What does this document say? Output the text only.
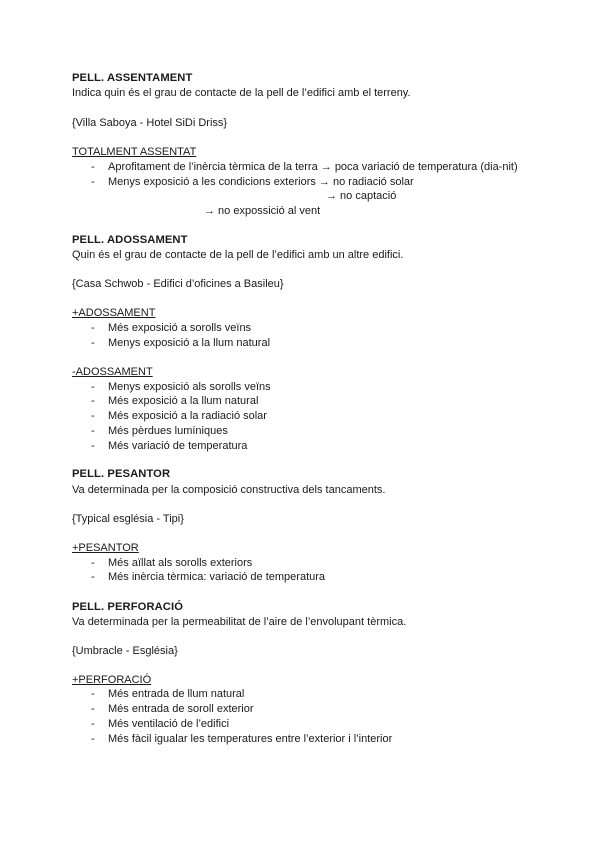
PELL. ASSENTAMENT
Indica quin és el grau de contacte de la pell de l’edifici amb el terreny.
{Villa Saboya - Hotel SiDi Driss}
TOTALMENT ASSENTAT
- Aprofitament de l’inèrcia tèrmica de la terra → poca variació de temperatura (dia-nit)
- Menys exposició a les condicions exteriors → no radiació solar
→ no captació
→ no expossició al vent
PELL. ADOSSAMENT
Quin és el grau de contacte de la pell de l’edifici amb un altre edifici.
{Casa Schwob - Edifici d’oficines a Basileu}
+ADOSSAMENT
- Més exposició a sorolls veïns
- Menys exposició a la llum natural
-ADOSSAMENT
- Menys exposició als sorolls veïns
- Més exposició a la llum natural
- Més exposició a la radiació solar
- Més pèrdues lumíniques
- Més variació de temperatura
PELL. PESANTOR
Va determinada per la composició constructiva dels tancaments.
{Typical església - Tipi}
+PESANTOR
- Més aïllat als sorolls exteriors
- Més inèrcia tèrmica: variació de temperatura
PELL. PERFORACIÓ
Va determinada per la permeabilitat de l’aire de l’envolupant tèrmica.
{Umbracle - Església}
+PERFORACIÓ
- Més entrada de llum natural
- Més entrada de soroll exterior
- Més ventilació de l’edifici
- Més fàcil igualar les temperatures entre l’exterior i l’interior
